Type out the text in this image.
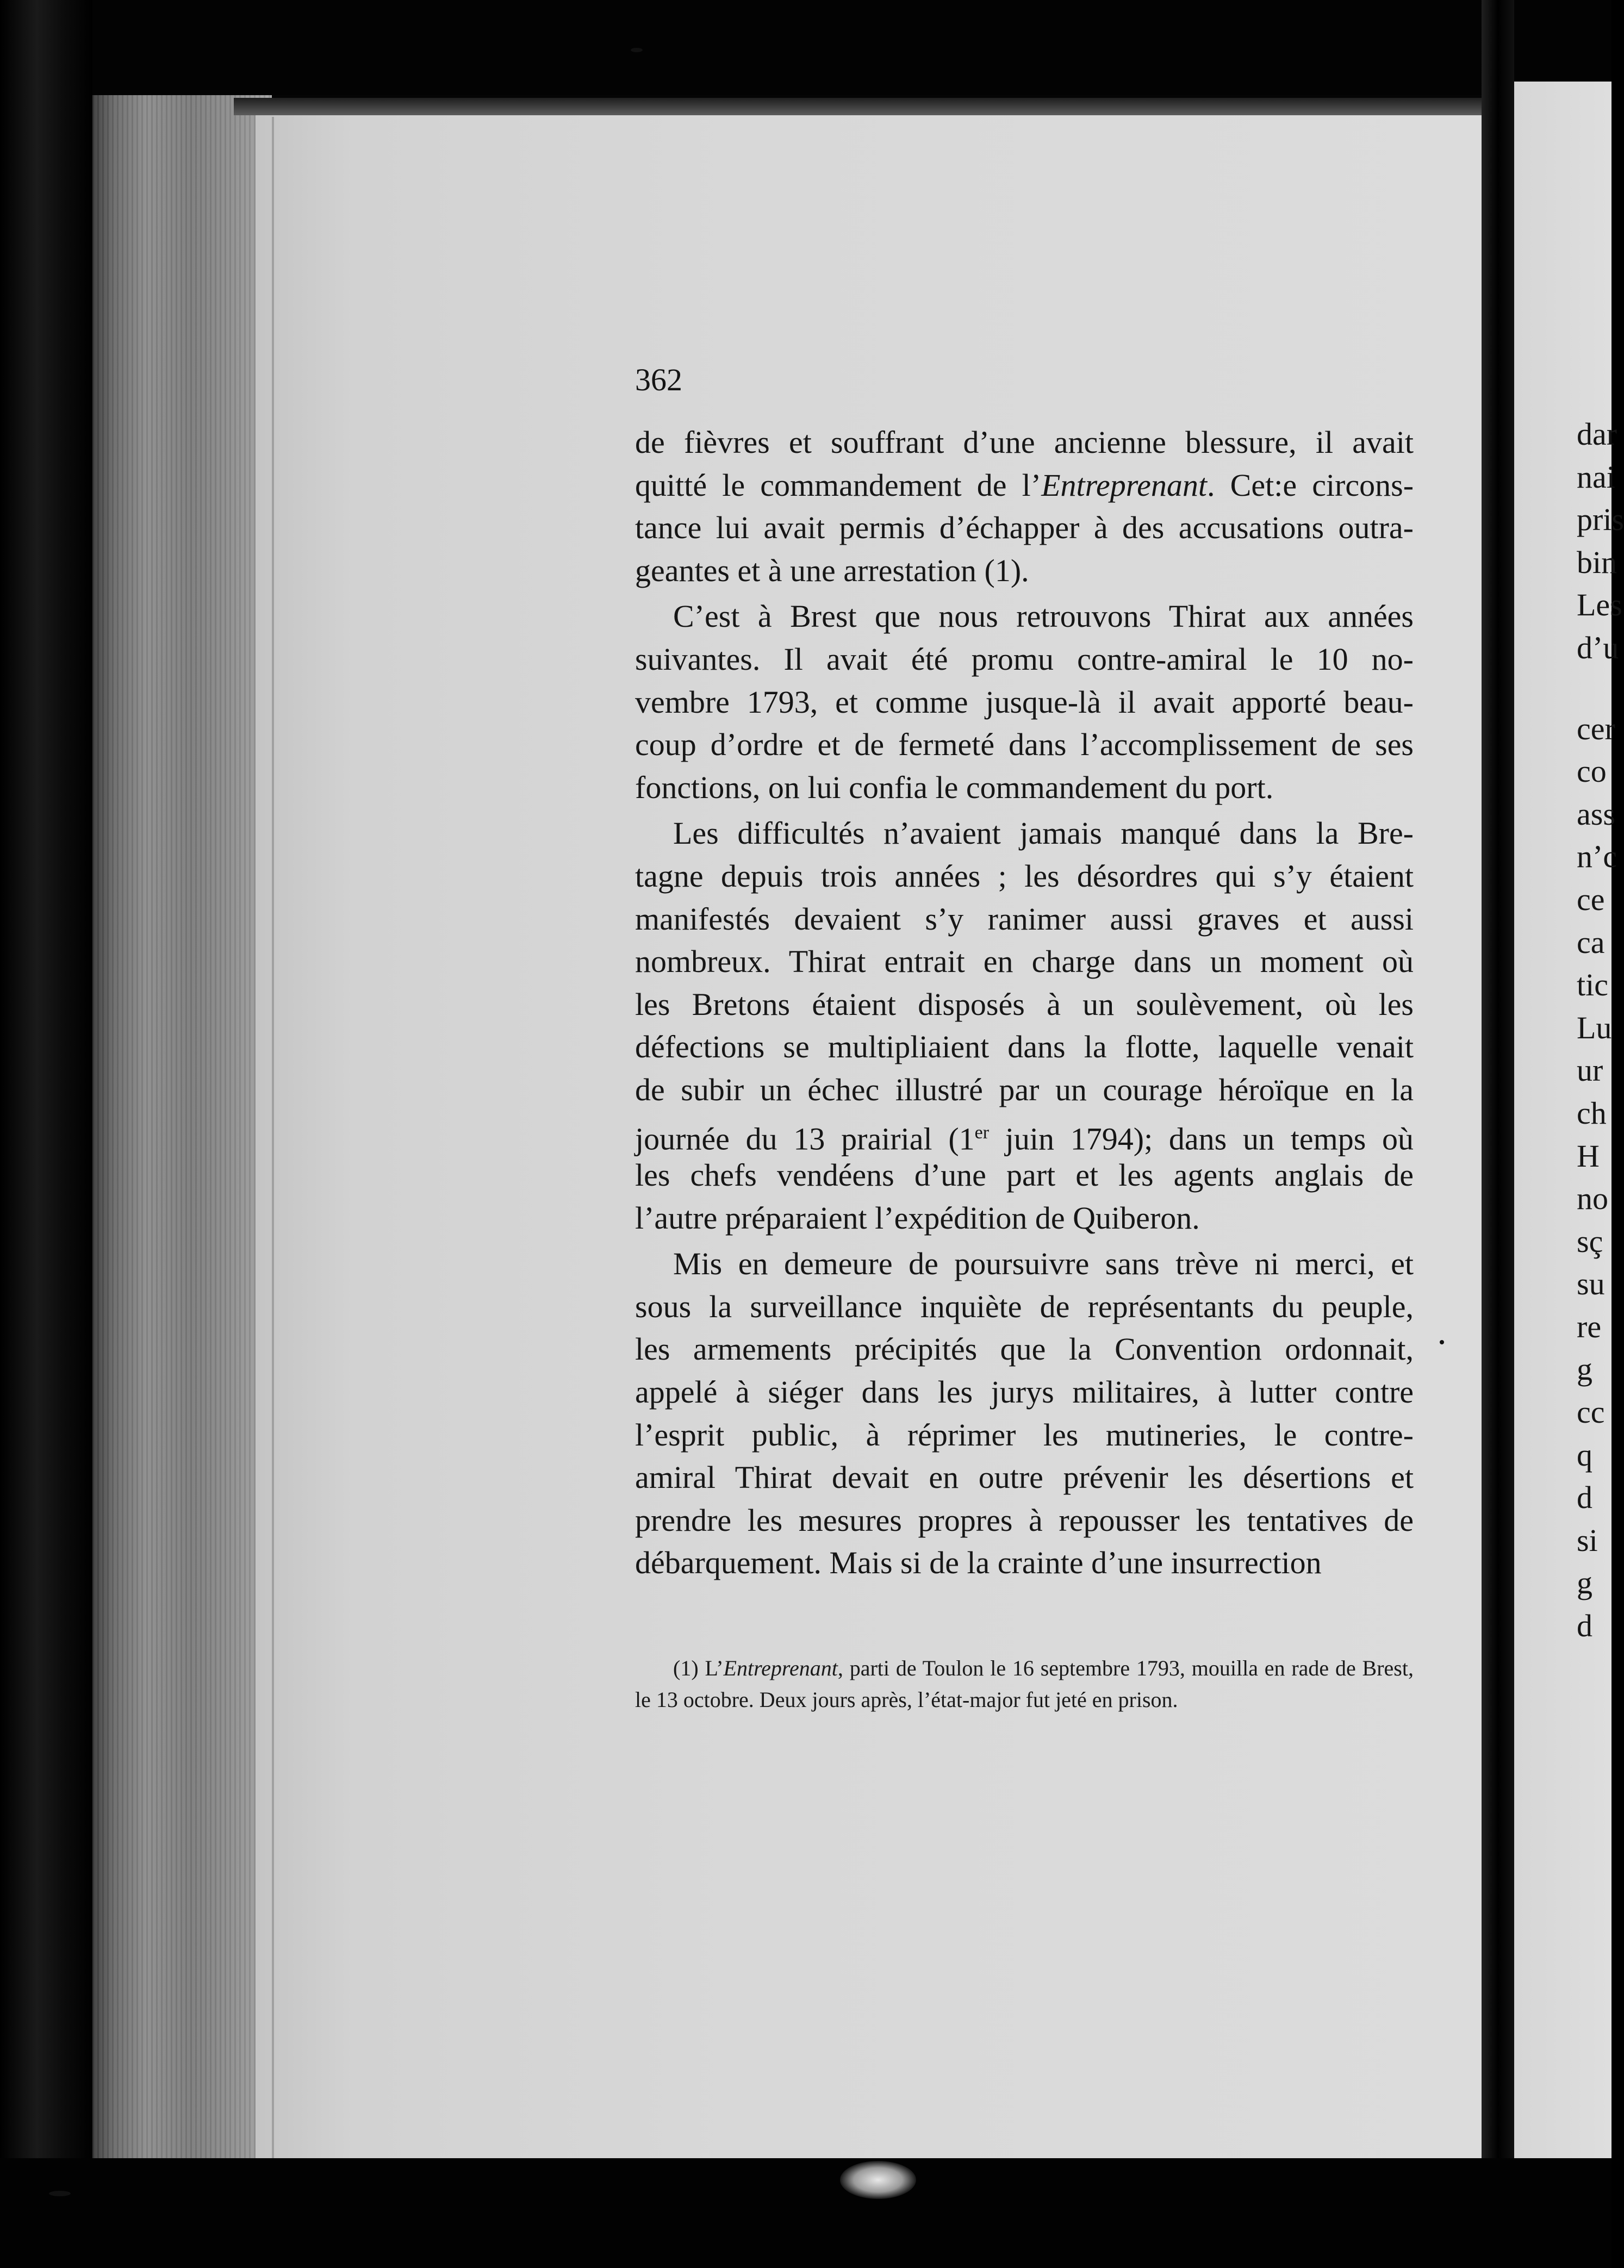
362
de fièvres et souffrant d’une ancienne blessure, il avait
quitté le commandement de l’Entreprenant. Cet:e circons-
tance lui avait permis d’échapper à des accusations outra-
geantes et à une arrestation (1).
C’est à Brest que nous retrouvons Thirat aux années
suivantes. Il avait été promu contre-amiral le 10 no-
vembre 1793, et comme jusque-là il avait apporté beau-
coup d’ordre et de fermeté dans l’accomplissement de ses
fonctions, on lui confia le commandement du port.
Les difficultés n’avaient jamais manqué dans la Bre-
tagne depuis trois années ; les désordres qui s’y étaient
manifestés devaient s’y ranimer aussi graves et aussi
nombreux. Thirat entrait en charge dans un moment où
les Bretons étaient disposés à un soulèvement, où les
défections se multipliaient dans la flotte, laquelle venait
de subir un échec illustré par un courage héroïque en la
journée du 13 prairial (1er juin 1794); dans un temps où
les chefs vendéens d’une part et les agents anglais de
l’autre préparaient l’expédition de Quiberon.
Mis en demeure de poursuivre sans trève ni merci, et
sous la surveillance inquiète de représentants du peuple,
les armements précipités que la Convention ordonnait,
appelé à siéger dans les jurys militaires, à lutter contre
l’esprit public, à réprimer les mutineries, le contre-
amiral Thirat devait en outre prévenir les désertions et
prendre les mesures propres à repousser les tentatives de
débarquement. Mais si de la crainte d’une insurrection
(1) L’Entreprenant, parti de Toulon le 16 septembre 1793, mouilla en rade de Brest, le 13 octobre. Deux jours après, l’état-major fut jeté en prison.
dar
nai
pris
bin
Les
d’u
cer
co
ass
n’c
ce
ca
tic
Lu
ur
ch
H
no
sç
su
re
g
cc
q
d
si
g
d
